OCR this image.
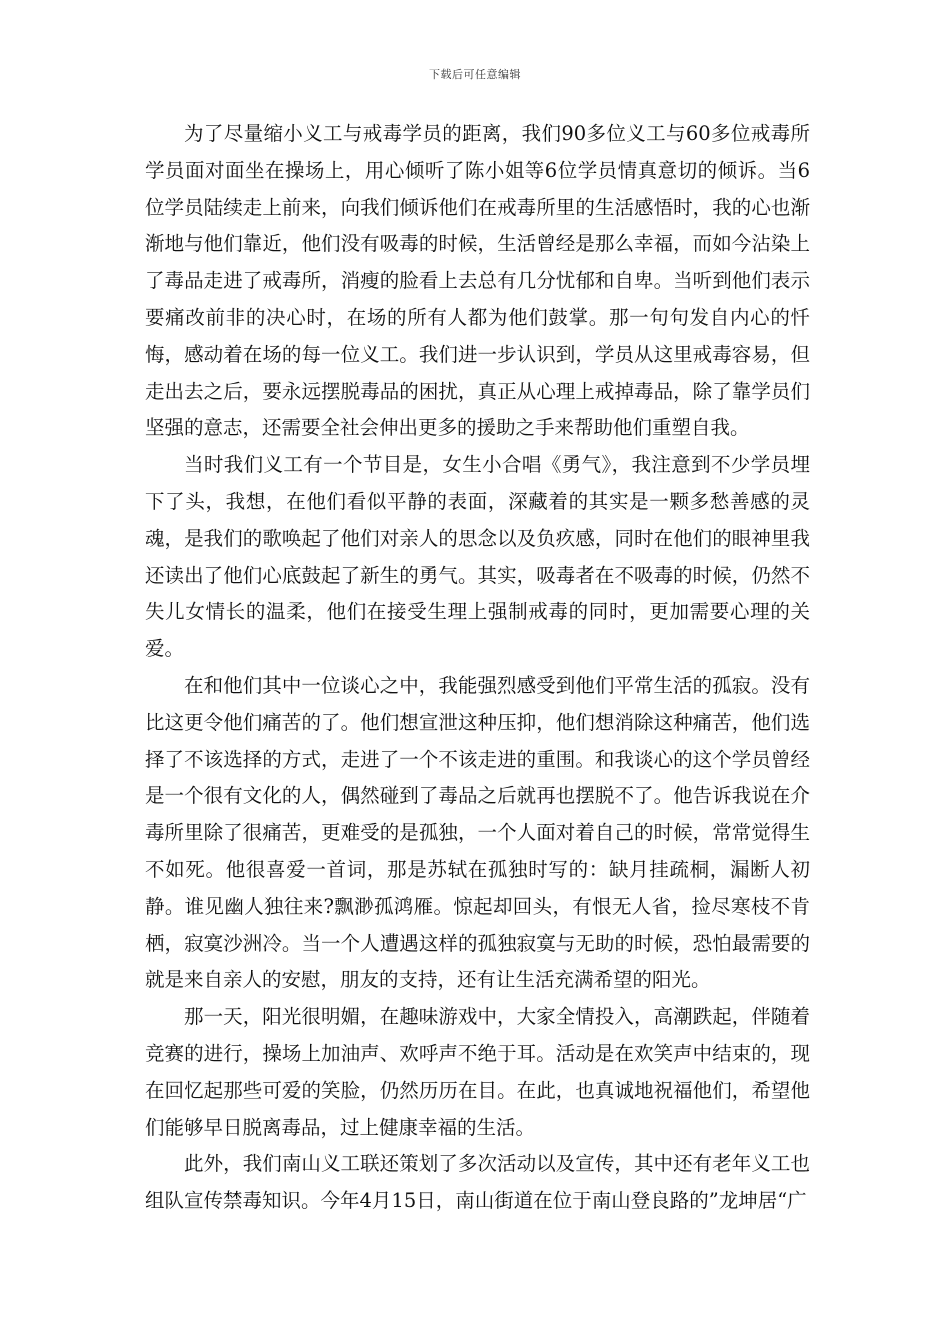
下载后可任意编辑

为了尽量缩小义工与戒毒学员的距离，我们90多位义工与60多位戒毒所学员面对面坐在操场上，用心倾听了陈小姐等6位学员情真意切的倾诉。当6位学员陆续走上前来，向我们倾诉他们在戒毒所里的生活感悟时，我的心也渐渐地与他们靠近，他们没有吸毒的时候，生活曾经是那么幸福，而如今沾染上了毒品走进了戒毒所，消瘦的脸看上去总有几分忧郁和自卑。当听到他们表示要痛改前非的决心时，在场的所有人都为他们鼓掌。那一句句发自内心的忏悔，感动着在场的每一位义工。我们进一步认识到，学员从这里戒毒容易，但走出去之后，要永远摆脱毒品的困扰，真正从心理上戒掉毒品，除了靠学员们坚强的意志，还需要全社会伸出更多的援助之手来帮助他们重塑自我。

当时我们义工有一个节目是，女生小合唱《勇气》，我注意到不少学员埋下了头，我想，在他们看似平静的表面，深藏着的其实是一颗多愁善感的灵魂，是我们的歌唤起了他们对亲人的思念以及负疚感，同时在他们的眼神里我还读出了他们心底鼓起了新生的勇气。其实，吸毒者在不吸毒的时候，仍然不失儿女情长的温柔，他们在接受生理上强制戒毒的同时，更加需要心理的关爱。

在和他们其中一位谈心之中，我能强烈感受到他们平常生活的孤寂。没有比这更令他们痛苦的了。他们想宣泄这种压抑，他们想消除这种痛苦，他们选择了不该选择的方式，走进了一个不该走进的重围。和我谈心的这个学员曾经是一个很有文化的人，偶然碰到了毒品之后就再也摆脱不了。他告诉我说在介毒所里除了很痛苦，更难受的是孤独，一个人面对着自己的时候，常常觉得生不如死。他很喜爱一首词，那是苏轼在孤独时写的：缺月挂疏桐，漏断人初静。谁见幽人独往来?飘渺孤鸿雁。惊起却回头，有恨无人省，捡尽寒枝不肯栖，寂寞沙洲冷。当一个人遭遇这样的孤独寂寞与无助的时候，恐怕最需要的就是来自亲人的安慰，朋友的支持，还有让生活充满希望的阳光。

那一天，阳光很明媚，在趣味游戏中，大家全情投入，高潮跌起，伴随着竞赛的进行，操场上加油声、欢呼声不绝于耳。活动是在欢笑声中结束的，现在回忆起那些可爱的笑脸，仍然历历在目。在此，也真诚地祝福他们，希望他们能够早日脱离毒品，过上健康幸福的生活。

此外，我们南山义工联还策划了多次活动以及宣传，其中还有老年义工也组队宣传禁毒知识。今年4月15日，南山街道在位于南山登良路的”龙坤居“广
